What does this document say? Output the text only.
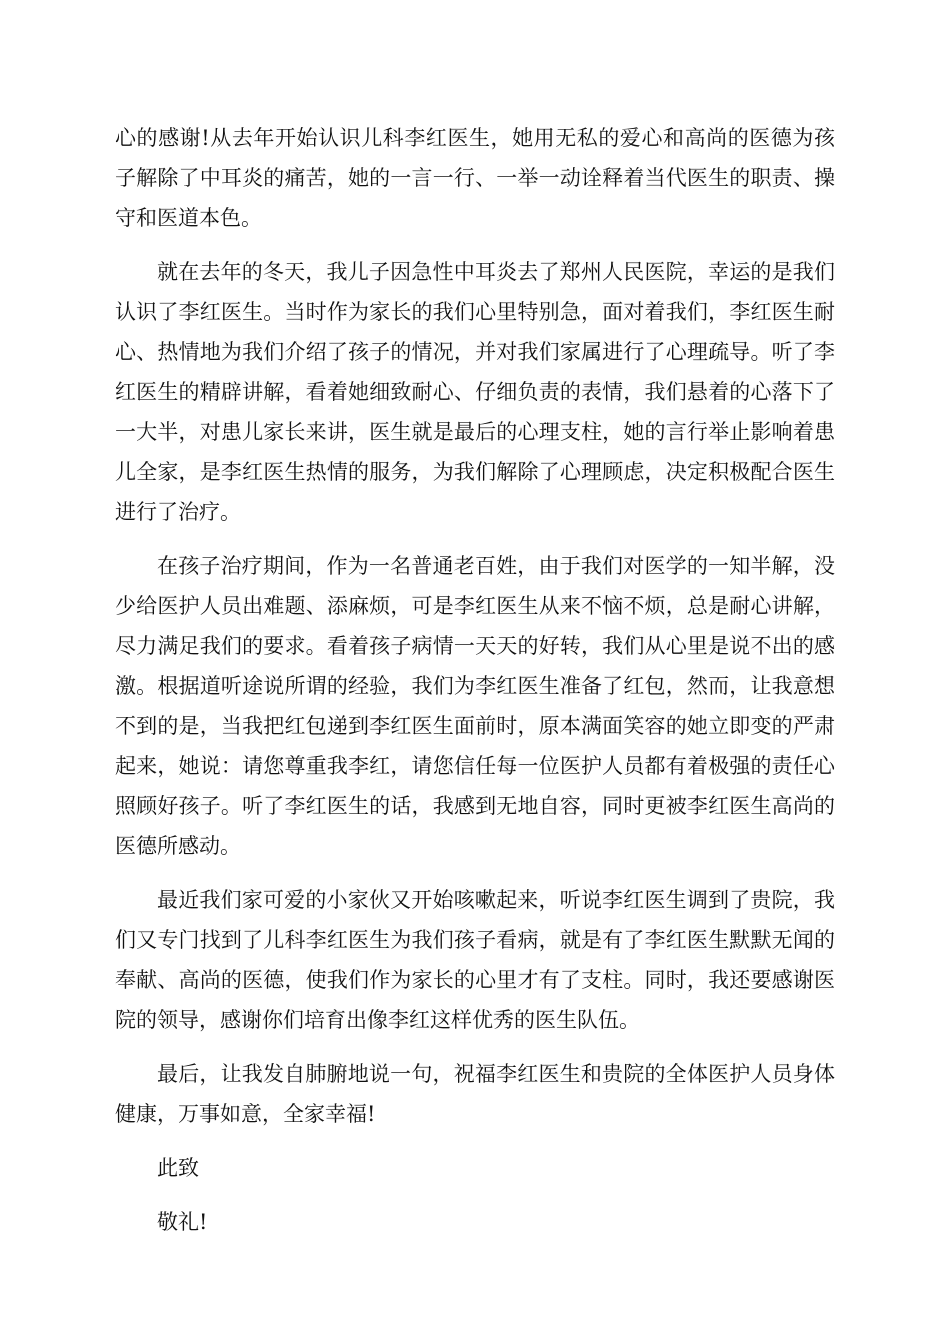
心的感谢!从去年开始认识儿科李红医生，她用无私的爱心和高尚的医德为孩子解除了中耳炎的痛苦，她的一言一行、一举一动诠释着当代医生的职责、操守和医道本色。

就在去年的冬天，我儿子因急性中耳炎去了郑州人民医院，幸运的是我们认识了李红医生。当时作为家长的我们心里特别急，面对着我们，李红医生耐心、热情地为我们介绍了孩子的情况，并对我们家属进行了心理疏导。听了李红医生的精辟讲解，看着她细致耐心、仔细负责的表情，我们悬着的心落下了一大半，对患儿家长来讲，医生就是最后的心理支柱，她的言行举止影响着患儿全家，是李红医生热情的服务，为我们解除了心理顾虑，决定积极配合医生进行了治疗。

在孩子治疗期间，作为一名普通老百姓，由于我们对医学的一知半解，没少给医护人员出难题、添麻烦，可是李红医生从来不恼不烦，总是耐心讲解，尽力满足我们的要求。看着孩子病情一天天的好转，我们从心里是说不出的感激。根据道听途说所谓的经验，我们为李红医生准备了红包，然而，让我意想不到的是，当我把红包递到李红医生面前时，原本满面笑容的她立即变的严肃起来，她说：请您尊重我李红，请您信任每一位医护人员都有着极强的责任心照顾好孩子。听了李红医生的话，我感到无地自容，同时更被李红医生高尚的医德所感动。

最近我们家可爱的小家伙又开始咳嗽起来，听说李红医生调到了贵院，我们又专门找到了儿科李红医生为我们孩子看病，就是有了李红医生默默无闻的奉献、高尚的医德，使我们作为家长的心里才有了支柱。同时，我还要感谢医院的领导，感谢你们培育出像李红这样优秀的医生队伍。

最后，让我发自肺腑地说一句，祝福李红医生和贵院的全体医护人员身体健康，万事如意，全家幸福!

此致

敬礼!
